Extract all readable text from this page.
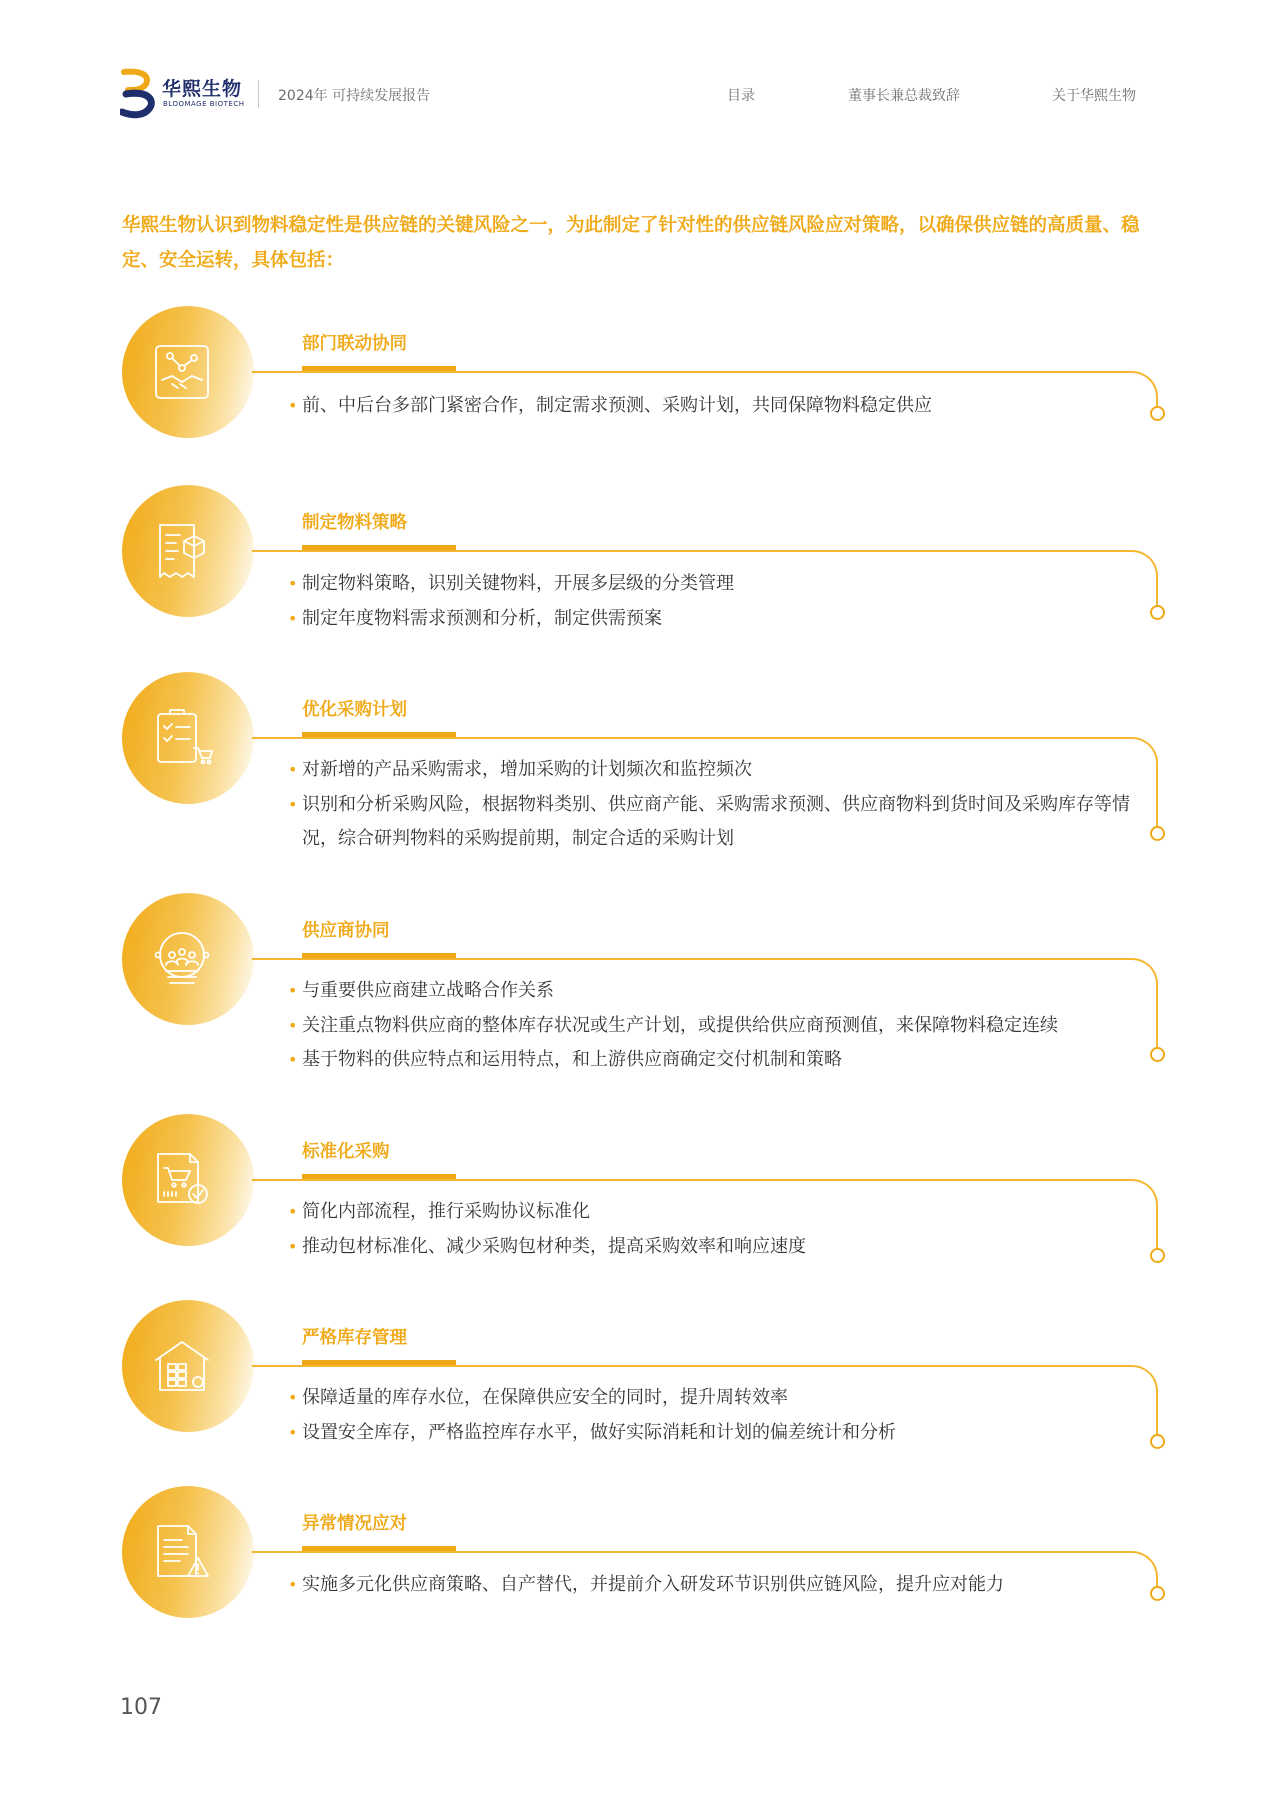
华熙生物
BLOOMAGE BIOTECH 2024年 可持续发展报告	目录	董事长兼总裁致辞	关于华熙生物
华熙生物认识到物料稳定性是供应链的关键风险之一，为此制定了针对性的供应链风险应对策略，以确保供应链的高质量、稳定、安全运转，具体包括：
部门联动协同
• 前、中后台多部门紧密合作，制定需求预测、采购计划，共同保障物料稳定供应
制定物料策略
• 制定物料策略，识别关键物料，开展多层级的分类管理
• 制定年度物料需求预测和分析，制定供需预案
优化采购计划
• 对新增的产品采购需求，增加采购的计划频次和监控频次
• 识别和分析采购风险，根据物料类别、供应商产能、采购需求预测、供应商物料到货时间及采购库存等情况，综合研判物料的采购提前期，制定合适的采购计划
供应商协同
• 与重要供应商建立战略合作关系
• 关注重点物料供应商的整体库存状况或生产计划，或提供给供应商预测值，来保障物料稳定连续
• 基于物料的供应特点和运用特点，和上游供应商确定交付机制和策略
标准化采购
• 简化内部流程，推行采购协议标准化
• 推动包材标准化、减少采购包材种类，提高采购效率和响应速度
严格库存管理
• 保障适量的库存水位，在保障供应安全的同时，提升周转效率
• 设置安全库存，严格监控库存水平，做好实际消耗和计划的偏差统计和分析
异常情况应对
• 实施多元化供应商策略、自产替代，并提前介入研发环节识别供应链风险，提升应对能力
107
